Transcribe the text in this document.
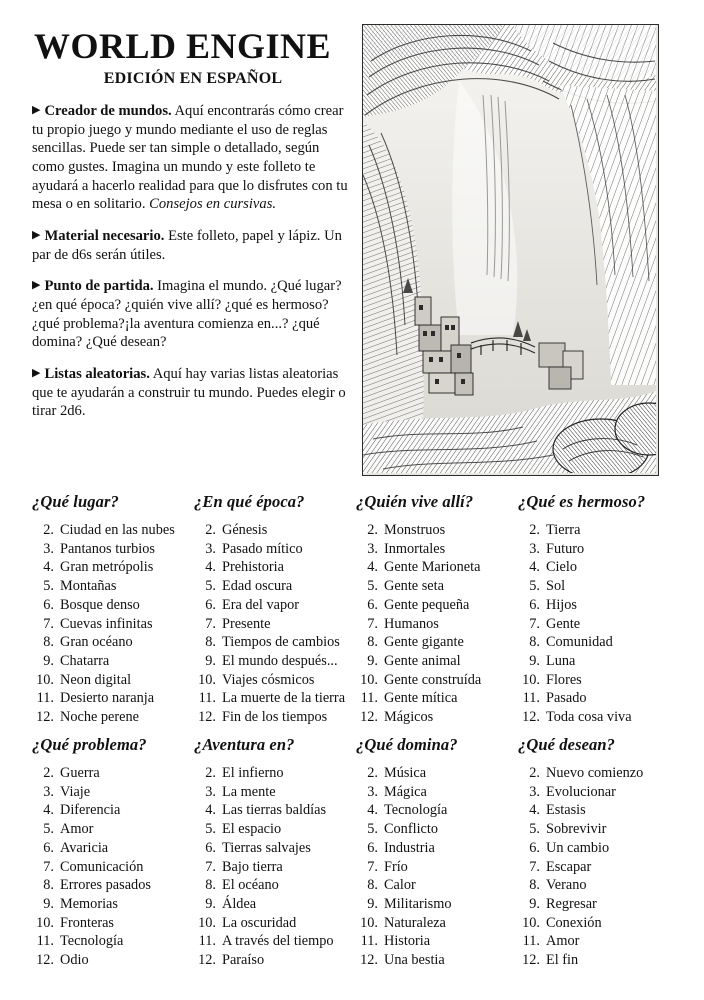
WORLD ENGINE
EDICIÓN EN ESPAÑOL
▶ Creador de mundos. Aquí encontrarás cómo crear tu propio juego y mundo mediante el uso de reglas sencillas. Puede ser tan simple o detallado, según como gustes. Imagina un mundo y este folleto te ayudará a hacerlo realidad para que lo disfrutes con tu mesa o en solitario. Consejos en cursivas.
▶ Material necesario. Este folleto, papel y lápiz. Un par de d6s serán útiles.
▶ Punto de partida. Imagina el mundo. ¿Qué lugar? ¿en qué época? ¿quién vive allí? ¿qué es hermoso? ¿qué problema?¡la aventura comienza en...? ¿qué domina? ¿Qué desean?
▶ Listas aleatorias. Aquí hay varias listas aleatorias que te ayudarán a construir tu mundo. Puedes elegir o tirar 2d6.
¿Qué lugar?
2. Ciudad en las nubes
3. Pantanos turbios
4. Gran metrópolis
5. Montañas
6. Bosque denso
7. Cuevas infinitas
8. Gran océano
9. Chatarra
10. Neon digital
11. Desierto naranja
12. Noche perene
¿En qué época?
2. Génesis
3. Pasado mítico
4. Prehistoria
5. Edad oscura
6. Era del vapor
7. Presente
8. Tiempos de cambios
9. El mundo después...
10. Viajes cósmicos
11. La muerte de la tierra
12. Fin de los tiempos
¿Quién vive allí?
2. Monstruos
3. Inmortales
4. Gente Marioneta
5. Gente seta
6. Gente pequeña
7. Humanos
8. Gente gigante
9. Gente animal
10. Gente construída
11. Gente mítica
12. Mágicos
¿Qué es hermoso?
2. Tierra
3. Futuro
4. Cielo
5. Sol
6. Hijos
7. Gente
8. Comunidad
9. Luna
10. Flores
11. Pasado
12. Toda cosa viva
¿Qué problema?
2. Guerra
3. Viaje
4. Diferencia
5. Amor
6. Avaricia
7. Comunicación
8. Errores pasados
9. Memorias
10. Fronteras
11. Tecnología
12. Odio
¿Aventura en?
2. El infierno
3. La mente
4. Las tierras baldías
5. El espacio
6. Tierras salvajes
7. Bajo tierra
8. El océano
9. Áldea
10. La oscuridad
11. A través del tiempo
12. Paraíso
¿Qué domina?
2. Música
3. Mágica
4. Tecnología
5. Conflicto
6. Industria
7. Frío
8. Calor
9. Militarismo
10. Naturaleza
11. Historia
12. Una bestia
¿Qué desean?
2. Nuevo comienzo
3. Evolucionar
4. Estasis
5. Sobrevivir
6. Un cambio
7. Escapar
8. Verano
9. Regresar
10. Conexión
11. Amor
12. El fin
